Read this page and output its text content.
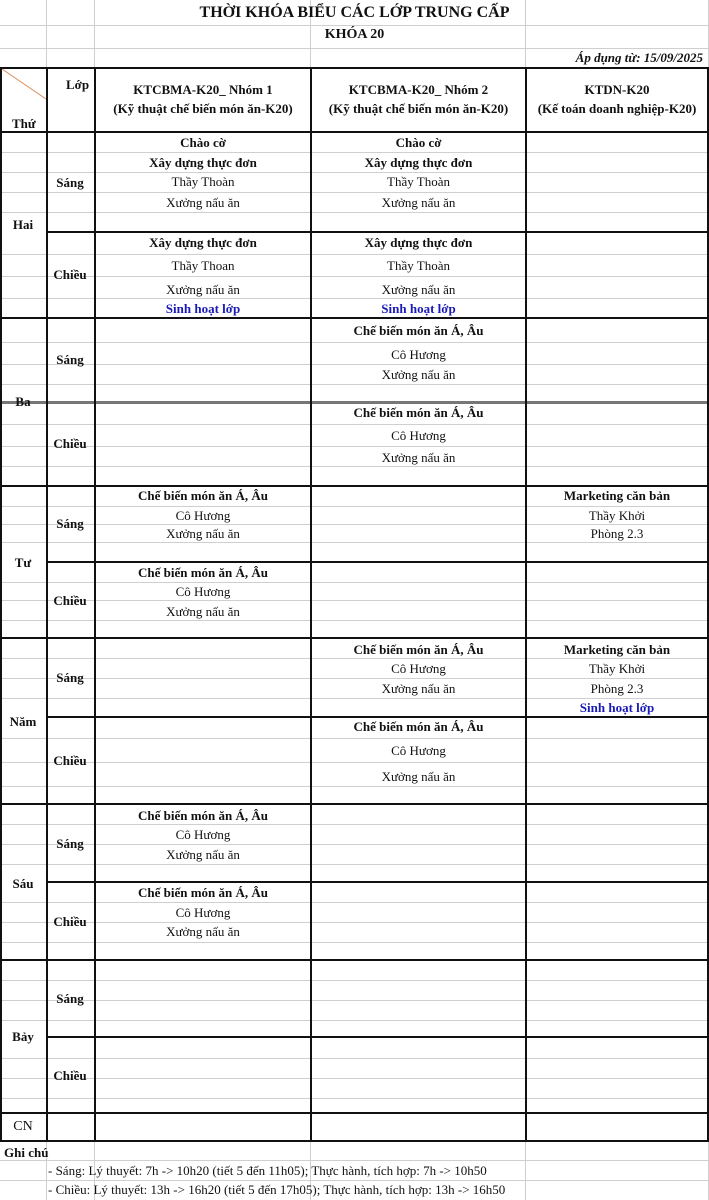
THỜI KHÓA BIỂU CÁC LỚP TRUNG CẤP
KHÓA 20
Áp dụng từ: 15/09/2025
Lớp
Thứ
KTCBMA-K20_ Nhóm 1
(Kỹ thuật chế biến món ăn-K20)
KTCBMA-K20_ Nhóm 2
(Kỹ thuật chế biến món ăn-K20)
KTDN-K20
(Kế toán doanh nghiệp-K20)
Hai
Ba
Tư
Năm
Sáu
Bảy
CN
Sáng
Chiều
Sáng
Chiều
Sáng
Chiều
Sáng
Chiều
Sáng
Chiều
Sáng
Chiều
Chào cờ
Xây dựng thực đơn
Thầy Thoàn
Xưởng nấu ăn
Chào cờ
Xây dựng thực đơn
Thầy Thoàn
Xưởng nấu ăn
Xây dựng thực đơn
Thầy Thoan
Xưởng nấu ăn
Sinh hoạt lớp
Xây dựng thực đơn
Thầy Thoàn
Xưởng nấu ăn
Sinh hoạt lớp
Chế biến món ăn Á, Âu
Cô Hương
Xưởng nấu ăn
Chế biến món ăn Á, Âu
Cô Hương
Xưởng nấu ăn
Chế biến món ăn Á, Âu
Cô Hương
Xưởng nấu ăn
Marketing căn bản
Thầy Khởi
Phòng 2.3
Chế biến món ăn Á, Âu
Cô Hương
Xưởng nấu ăn
Chế biến món ăn Á, Âu
Cô Hương
Xưởng nấu ăn
Marketing căn bản
Thầy Khởi
Phòng 2.3
Sinh hoạt lớp
Chế biến món ăn Á, Âu
Cô Hương
Xưởng nấu ăn
Chế biến món ăn Á, Âu
Cô Hương
Xưởng nấu ăn
Chế biến món ăn Á, Âu
Cô Hương
Xưởng nấu ăn
Ghi chú
- Sáng: Lý thuyết: 7h -> 10h20 (tiết 5 đến 11h05); Thực hành, tích hợp: 7h -> 10h50
- Chiều: Lý thuyết: 13h -> 16h20 (tiết 5 đến 17h05); Thực hành, tích hợp: 13h -> 16h50
